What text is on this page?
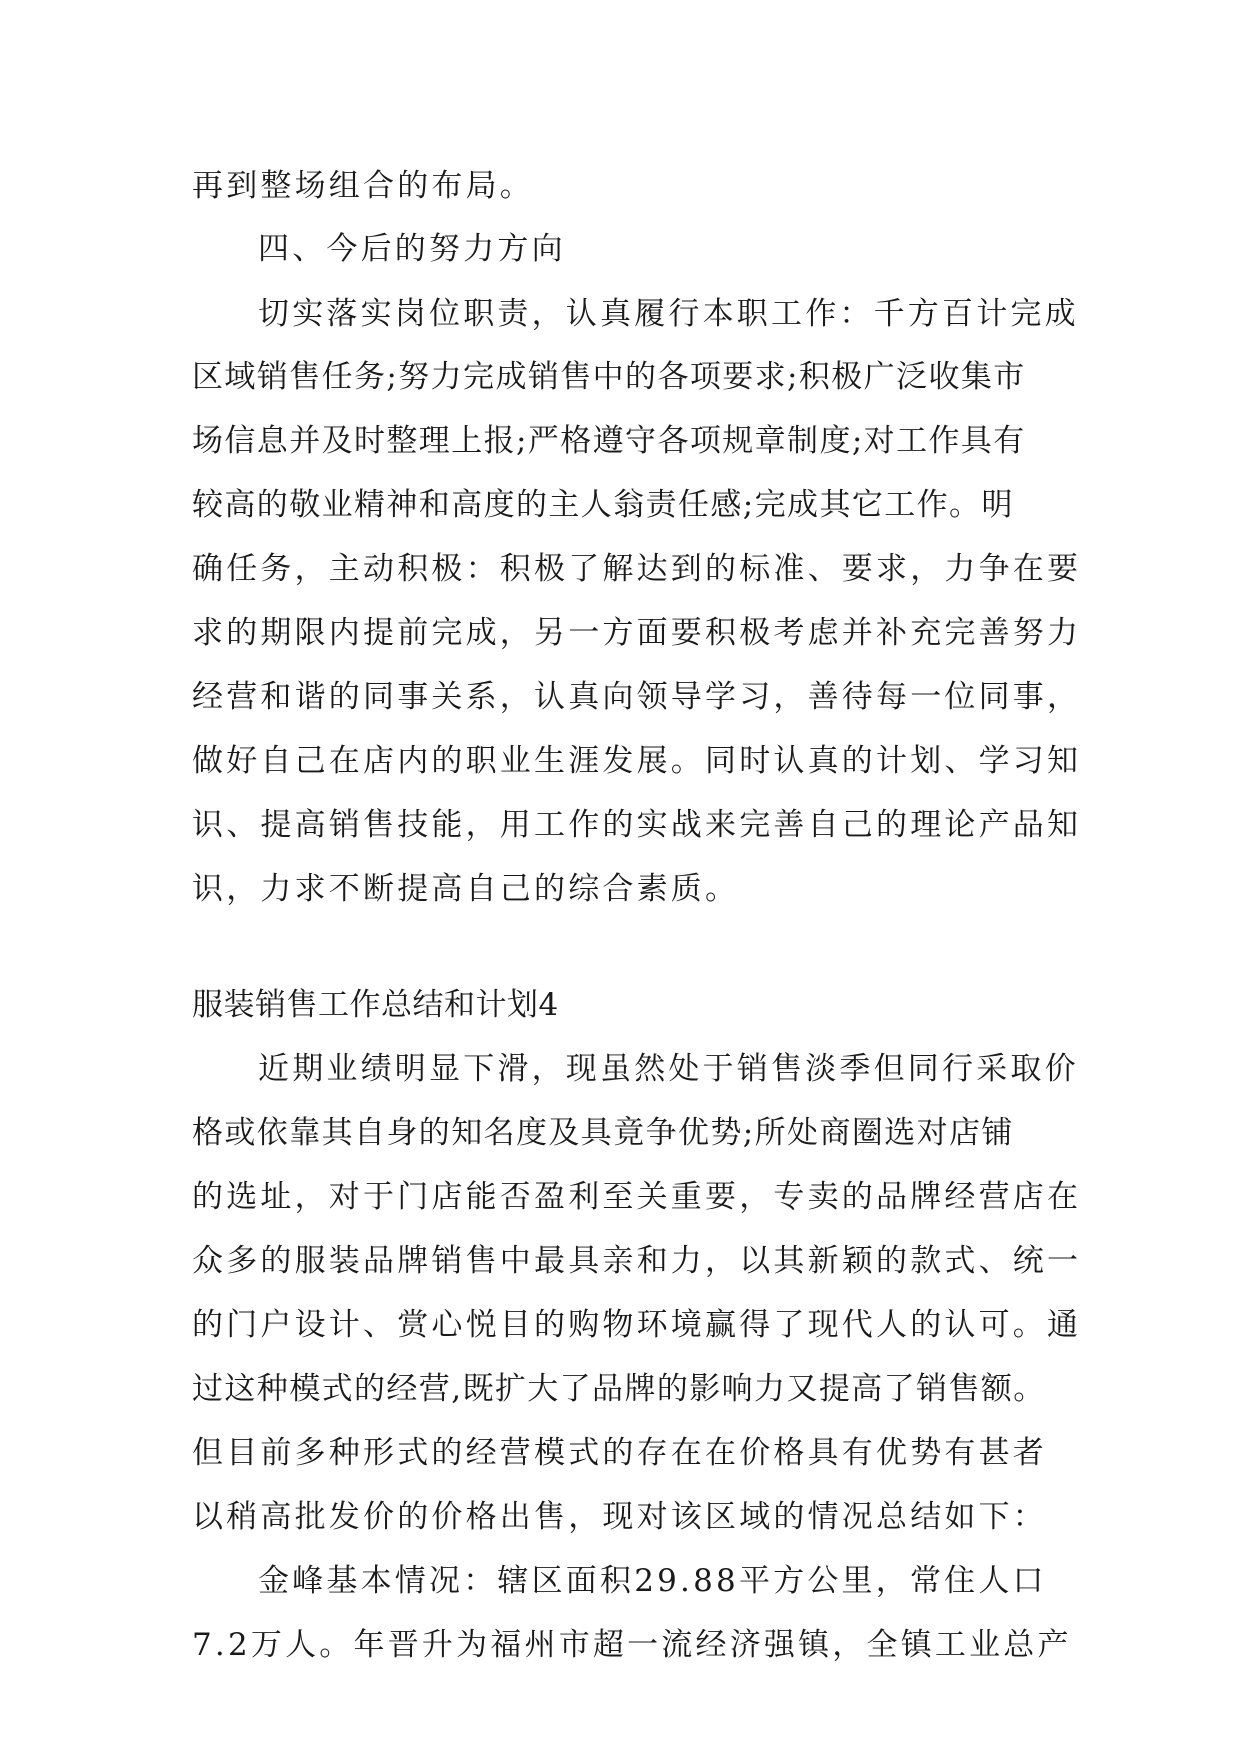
再到整场组合的布局。
四、今后的努力方向
切实落实岗位职责，认真履行本职工作：千方百计完成
区域销售任务;努力完成销售中的各项要求;积极广泛收集市
场信息并及时整理上报;严格遵守各项规章制度;对工作具有
较高的敬业精神和高度的主人翁责任感;完成其它工作。明
确任务，主动积极：积极了解达到的标准、要求，力争在要
求的期限内提前完成，另一方面要积极考虑并补充完善努力
经营和谐的同事关系，认真向领导学习，善待每一位同事，
做好自己在店内的职业生涯发展。同时认真的计划、学习知
识、提高销售技能，用工作的实战来完善自己的理论产品知
识，力求不断提高自己的综合素质。
服装销售工作总结和计划4
近期业绩明显下滑，现虽然处于销售淡季但同行采取价
格或依靠其自身的知名度及具竟争优势;所处商圈选对店铺
的选址，对于门店能否盈利至关重要，专卖的品牌经营店在
众多的服装品牌销售中最具亲和力，以其新颖的款式、统一
的门户设计、赏心悦目的购物环境赢得了现代人的认可。通
过这种模式的经营,既扩大了品牌的影响力又提高了销售额。
但目前多种形式的经营模式的存在在价格具有优势有甚者
以稍高批发价的价格出售，现对该区域的情况总结如下：
金峰基本情况：辖区面积29.88平方公里，常住人口
7.2万人。年晋升为福州市超一流经济强镇，全镇工业总产
